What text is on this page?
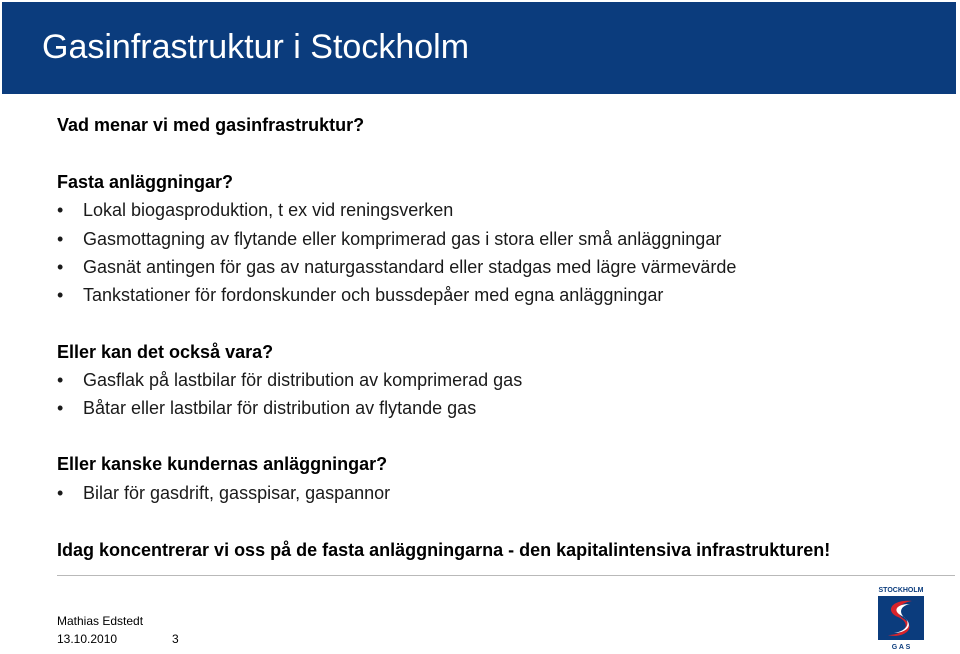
Gasinfrastruktur i Stockholm

Vad menar vi med gasinfrastruktur?

Fasta anläggningar?

• Lokal biogasproduktion, t ex vid reningsverken
• Gasmottagning av flytande eller komprimerad gas i stora eller små anläggningar
• Gasnät antingen för gas av naturgasstandard eller stadgas med lägre värmevärde
• Tankstationer för fordonskunder och bussdepåer med egna anläggningar

Eller kan det också vara?

• Gasflak på lastbilar för distribution av komprimerad gas
• Båtar eller lastbilar för distribution av flytande gas

Eller kanske kundernas anläggningar?

• Bilar för gasdrift, gasspisar, gaspannor

Idag koncentrerar vi oss på de fasta anläggningarna - den kapitalintensiva infrastrukturen!

Mathias Edstedt
13.10.2010	3
STOCKHOLM
G A S
